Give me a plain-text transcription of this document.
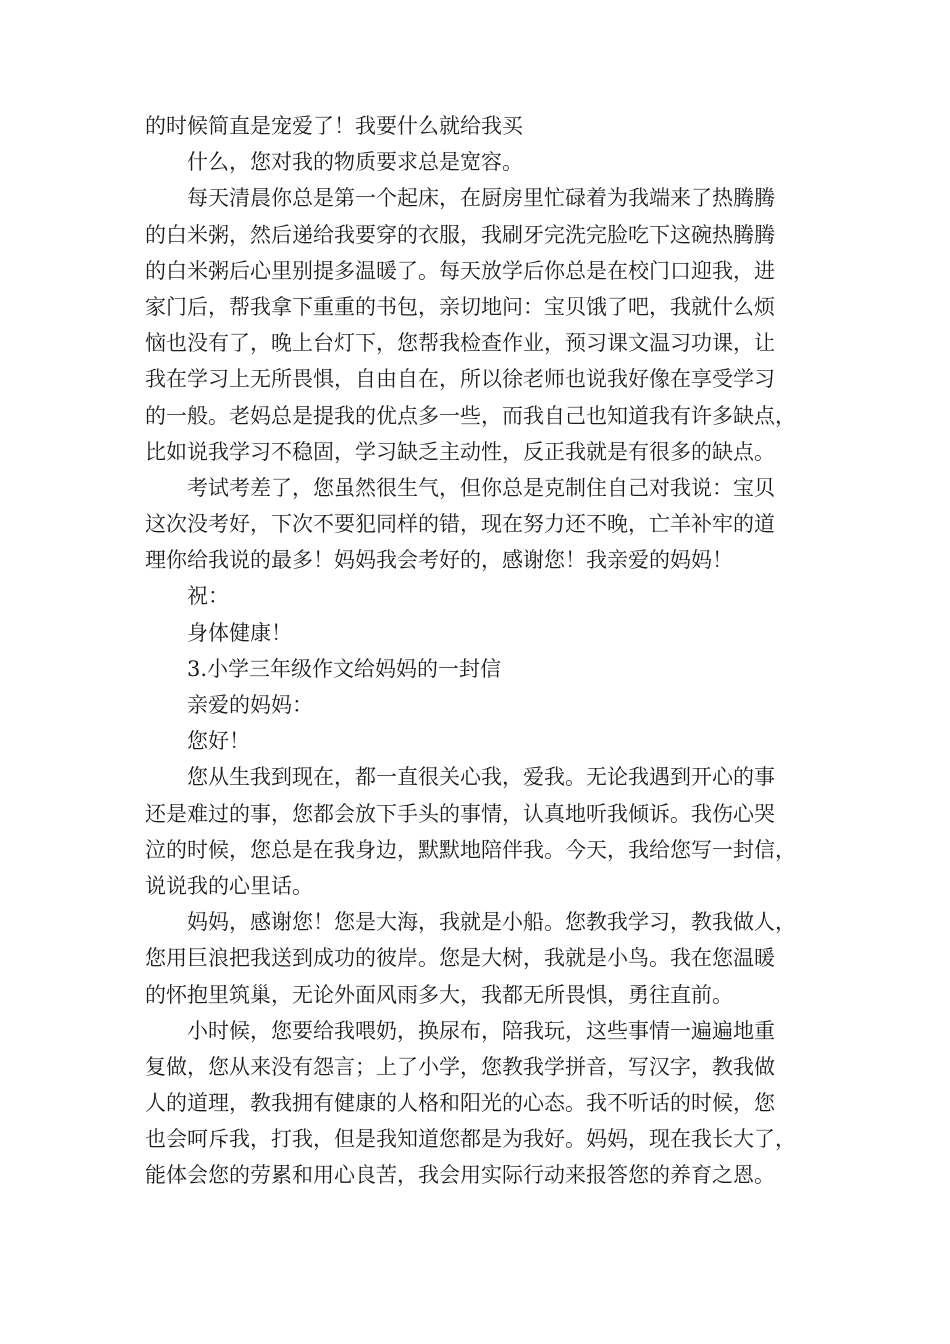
的时候简直是宠爱了！我要什么就给我买
什么，您对我的物质要求总是宽容。
每天清晨你总是第一个起床，在厨房里忙碌着为我端来了热腾腾
的白米粥，然后递给我要穿的衣服，我刷牙完洗完脸吃下这碗热腾腾
的白米粥后心里别提多温暖了。每天放学后你总是在校门口迎我，进
家门后，帮我拿下重重的书包，亲切地问：宝贝饿了吧，我就什么烦
恼也没有了，晚上台灯下，您帮我检查作业，预习课文温习功课，让
我在学习上无所畏惧，自由自在，所以徐老师也说我好像在享受学习
的一般。老妈总是提我的优点多一些，而我自己也知道我有许多缺点，
比如说我学习不稳固，学习缺乏主动性，反正我就是有很多的缺点。
考试考差了，您虽然很生气，但你总是克制住自己对我说：宝贝
这次没考好，下次不要犯同样的错，现在努力还不晚，亡羊补牢的道
理你给我说的最多！妈妈我会考好的，感谢您！我亲爱的妈妈！
祝：
身体健康！
3.小学三年级作文给妈妈的一封信
亲爱的妈妈：
您好！
您从生我到现在，都一直很关心我，爱我。无论我遇到开心的事
还是难过的事，您都会放下手头的事情，认真地听我倾诉。我伤心哭
泣的时候，您总是在我身边，默默地陪伴我。今天，我给您写一封信，
说说我的心里话。
妈妈，感谢您！您是大海，我就是小船。您教我学习，教我做人，
您用巨浪把我送到成功的彼岸。您是大树，我就是小鸟。我在您温暖
的怀抱里筑巢，无论外面风雨多大，我都无所畏惧，勇往直前。
小时候，您要给我喂奶，换尿布，陪我玩，这些事情一遍遍地重
复做，您从来没有怨言；上了小学，您教我学拼音，写汉字，教我做
人的道理，教我拥有健康的人格和阳光的心态。我不听话的时候，您
也会呵斥我，打我，但是我知道您都是为我好。妈妈，现在我长大了，
能体会您的劳累和用心良苦，我会用实际行动来报答您的养育之恩。
